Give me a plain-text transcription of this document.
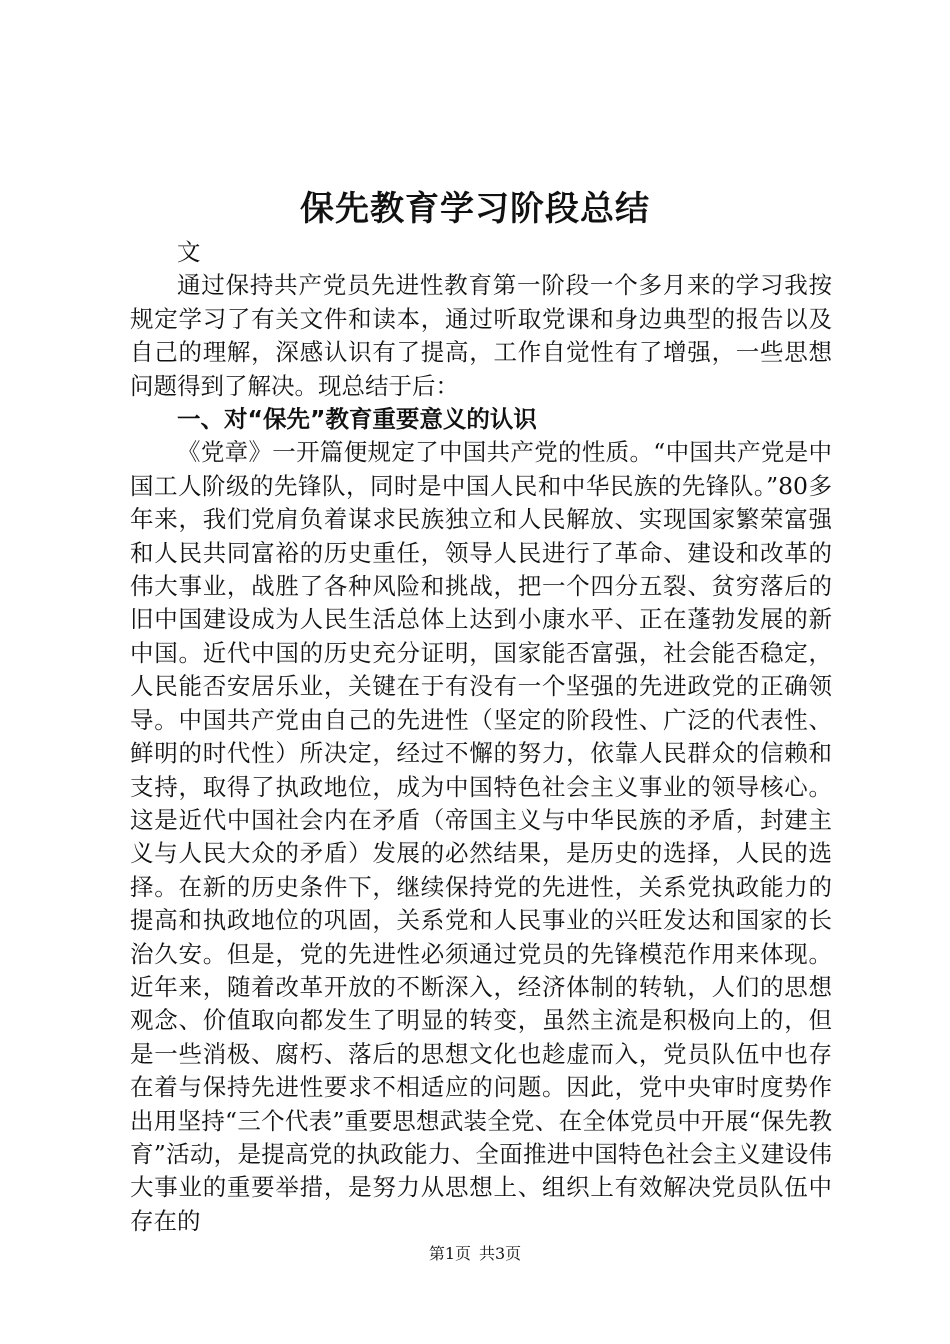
保先教育学习阶段总结

文

通过保持共产党员先进性教育第一阶段一个多月来的学习我按规定学习了有关文件和读本，通过听取党课和身边典型的报告以及自己的理解，深感认识有了提高，工作自觉性有了增强，一些思想问题得到了解决。现总结于后：

一、对“保先”教育重要意义的认识

《党章》一开篇便规定了中国共产党的性质。“中国共产党是中国工人阶级的先锋队，同时是中国人民和中华民族的先锋队。”80多年来，我们党肩负着谋求民族独立和人民解放、实现国家繁荣富强和人民共同富裕的历史重任，领导人民进行了革命、建设和改革的伟大事业，战胜了各种风险和挑战，把一个四分五裂、贫穷落后的旧中国建设成为人民生活总体上达到小康水平、正在蓬勃发展的新中国。近代中国的历史充分证明，国家能否富强，社会能否稳定，人民能否安居乐业，关键在于有没有一个坚强的先进政党的正确领导。中国共产党由自己的先进性（坚定的阶段性、广泛的代表性、鲜明的时代性）所决定，经过不懈的努力，依靠人民群众的信赖和支持，取得了执政地位，成为中国特色社会主义事业的领导核心。这是近代中国社会内在矛盾（帝国主义与中华民族的矛盾，封建主义与人民大众的矛盾）发展的必然结果，是历史的选择，人民的选择。在新的历史条件下，继续保持党的先进性，关系党执政能力的提高和执政地位的巩固，关系党和人民事业的兴旺发达和国家的长治久安。但是，党的先进性必须通过党员的先锋模范作用来体现。近年来，随着改革开放的不断深入，经济体制的转轨，人们的思想观念、价值取向都发生了明显的转变，虽然主流是积极向上的，但是一些消极、腐朽、落后的思想文化也趁虚而入，党员队伍中也存在着与保持先进性要求不相适应的问题。因此，党中央审时度势作出用坚持“三个代表”重要思想武装全党、在全体党员中开展“保先教育”活动，是提高党的执政能力、全面推进中国特色社会主义建设伟大事业的重要举措，是努力从思想上、组织上有效解决党员队伍中存在的

第1页 共3页
